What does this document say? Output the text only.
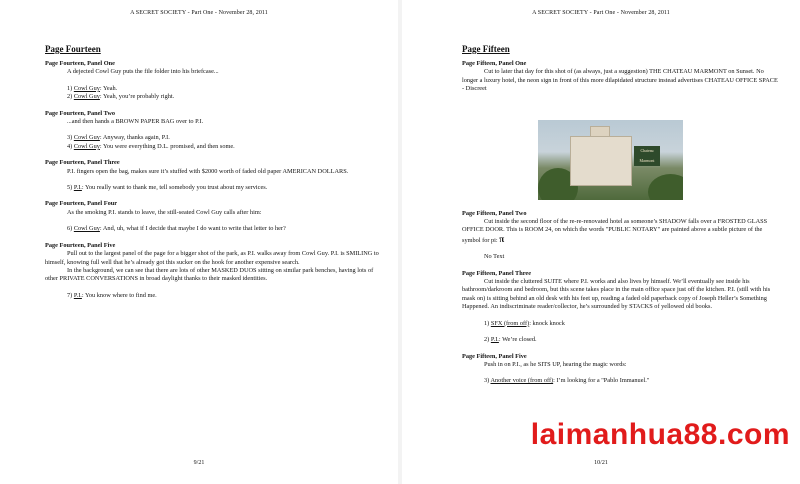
A SECRET SOCIETY - Part One - November 28, 2011
Page Fourteen
Page Fourteen, Panel One
A dejected Cowl Guy puts the file folder into his briefcase...
1) Cowl Guy: Yeah.
2) Cowl Guy: Yeah, you’re probably right.
Page Fourteen, Panel Two
...and then hands a BROWN PAPER BAG over to P.I.
3) Cowl Guy: Anyway, thanks again, P.I.
4) Cowl Guy: You were everything D.L. promised, and then some.
Page Fourteen, Panel Three
P.I. fingers open the bag, makes sure it’s stuffed with $2000 worth of faded old paper AMERICAN DOLLARS.
5) P.I.: You really want to thank me, tell somebody you trust about my services.
Page Fourteen, Panel Four
As the smoking P.I. stands to leave, the still-seated Cowl Guy calls after him:
6) Cowl Guy: And, uh, what if I decide that maybe I do want to write that letter to her?
Page Fourteen, Panel Five
Pull out to the largest panel of the page for a bigger shot of the park, as P.I. walks away from Cowl Guy. P.I. is SMILING to himself, knowing full well that he’s already got this sucker on the hook for another expensive search.
In the background, we can see that there are lots of other MASKED DUOS sitting on similar park benches, having lots of other PRIVATE CONVERSATIONS in broad daylight thanks to their masked identities.
7) P.I.: You know where to find me.
9/21
A SECRET SOCIETY - Part One - November 28, 2011
Page Fifteen
Page Fifteen, Panel One
Cut to later that day for this shot of (as always, just a suggestion) THE CHATEAU MARMONT on Sunset. No longer a luxury hotel, the neon sign in front of this more dilapidated structure instead advertises CHATEAU OFFICE SPACE - Discreet
Chateau Marmont
Page Fifteen, Panel Two
Cut inside the second floor of the re-re-renovated hotel as someone’s SHADOW falls over a FROSTED GLASS OFFICE DOOR. This is ROOM 24, on which the words "PUBLIC NOTARY" are painted above a subtle picture of the symbol for pi: π
No Text
Page Fifteen, Panel Three
Cut inside the cluttered SUITE where P.I. works and also lives by himself. We’ll eventually see inside his bathroom/darkroom and bedroom, but this scene takes place in the main office space just off the kitchen. P.I. (still with his mask on) is sitting behind an old desk with his feet up, reading a faded old paperback copy of Joseph Heller’s Something Happened. An indiscriminate reader/collector, he’s surrounded by STACKS of yellowed old books.
1) SFX (from off): knock knock
2) P.I.: We’re closed.
Page Fifteen, Panel Five
Push in on P.I., as he SITS UP, hearing the magic words:
3) Another voice (from off): I’m looking for a "Pablo Immanuel."
laimanhua88.com
10/21
